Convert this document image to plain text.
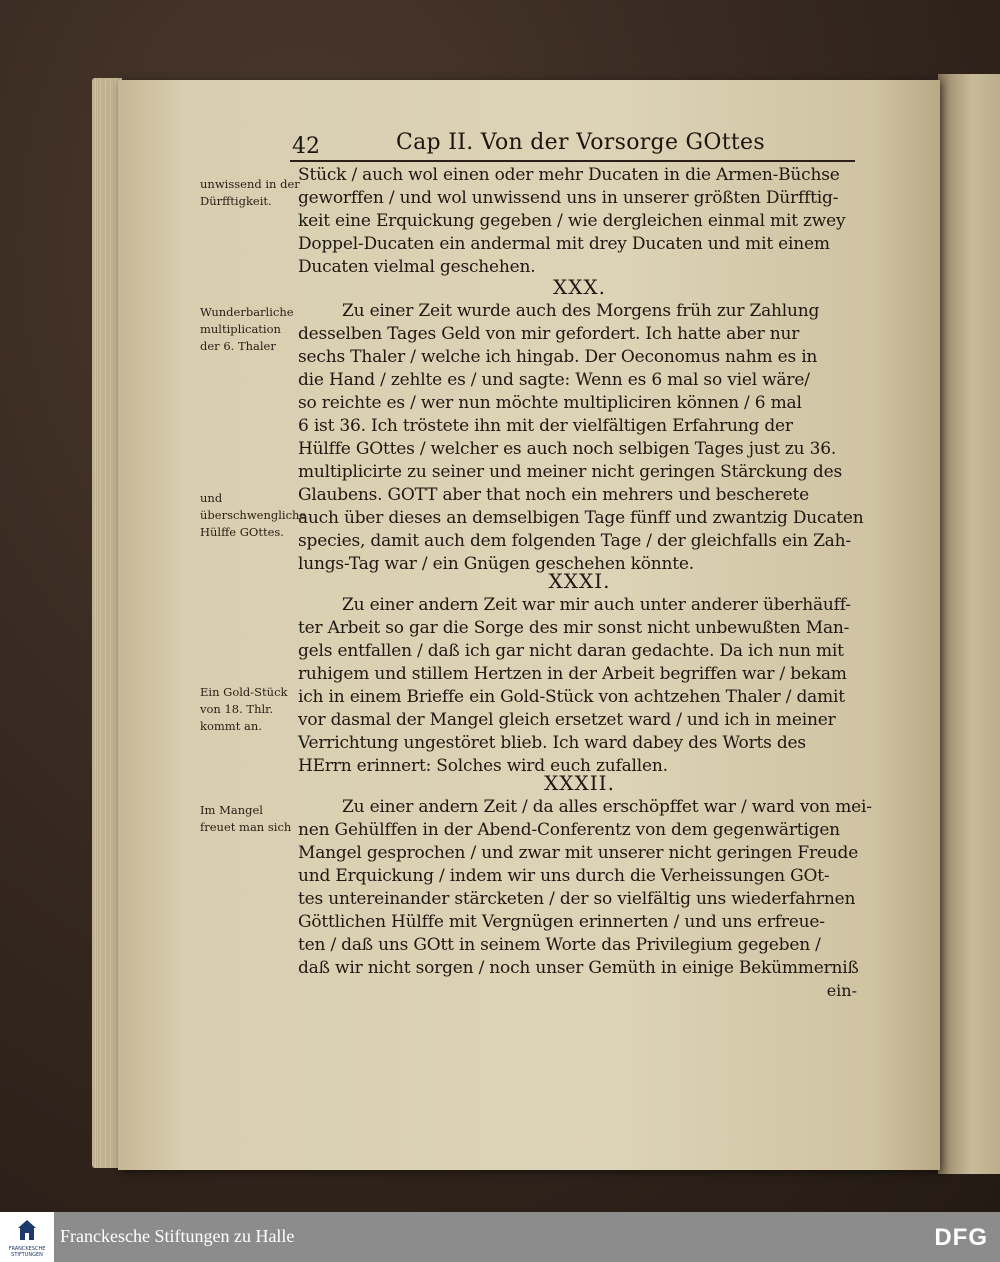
42	Cap II. Von der Vorsorge GOttes
unwissend in der Dürfftigkeit.
Wunderbarliche multiplication der 6. Thaler
und überschwengliche Hülffe GOttes.
Ein Gold-Stück von 18. Thlr. kommt an.
Im Mangel freuet man sich
Stück / auch wol einen oder mehr Ducaten in die Armen-Büchse
geworffen / und wol unwissend uns in unserer größten Dürfftig-
keit eine Erquickung gegeben / wie dergleichen einmal mit zwey
Doppel-Ducaten ein andermal mit drey Ducaten und mit einem
Ducaten vielmal geschehen.
XXX.
Zu einer Zeit wurde auch des Morgens früh zur Zahlung
desselben Tages Geld von mir gefordert. Ich hatte aber nur
sechs Thaler / welche ich hingab. Der Oeconomus nahm es in
die Hand / zehlte es / und sagte: Wenn es 6 mal so viel wäre/
so reichte es / wer nun möchte multipliciren können / 6 mal
6 ist 36. Ich tröstete ihn mit der vielfältigen Erfahrung der
Hülffe GOttes / welcher es auch noch selbigen Tages just zu 36.
multiplicirte zu seiner und meiner nicht geringen Stärckung des
Glaubens. GOTT aber that noch ein mehrers und bescherete
auch über dieses an demselbigen Tage fünff und zwantzig Ducaten
species, damit auch dem folgenden Tage / der gleichfalls ein Zah-
lungs-Tag war / ein Gnügen geschehen könnte.
XXXI.
Zu einer andern Zeit war mir auch unter anderer überhäuff-
ter Arbeit so gar die Sorge des mir sonst nicht unbewußten Man-
gels entfallen / daß ich gar nicht daran gedachte. Da ich nun mit
ruhigem und stillem Hertzen in der Arbeit begriffen war / bekam
ich in einem Brieffe ein Gold-Stück von achtzehen Thaler / damit
vor dasmal der Mangel gleich ersetzet ward / und ich in meiner
Verrichtung ungestöret blieb. Ich ward dabey des Worts des
HErrn erinnert: Solches wird euch zufallen.
XXXII.
Zu einer andern Zeit / da alles erschöpffet war / ward von mei-
nen Gehülffen in der Abend-Conferentz von dem gegenwärtigen
Mangel gesprochen / und zwar mit unserer nicht geringen Freude
und Erquickung / indem wir uns durch die Verheissungen GOt-
tes untereinander stärcketen / der so vielfältig uns wiederfahrnen
Göttlichen Hülffe mit Vergnügen erinnerten / und uns erfreue-
ten / daß uns GOtt in seinem Worte das Privilegium gegeben /
daß wir nicht sorgen / noch unser Gemüth in einige Bekümmerniß
ein-
FRANCKESCHE STIFTUNGEN
Franckesche Stiftungen zu Halle	DFG
